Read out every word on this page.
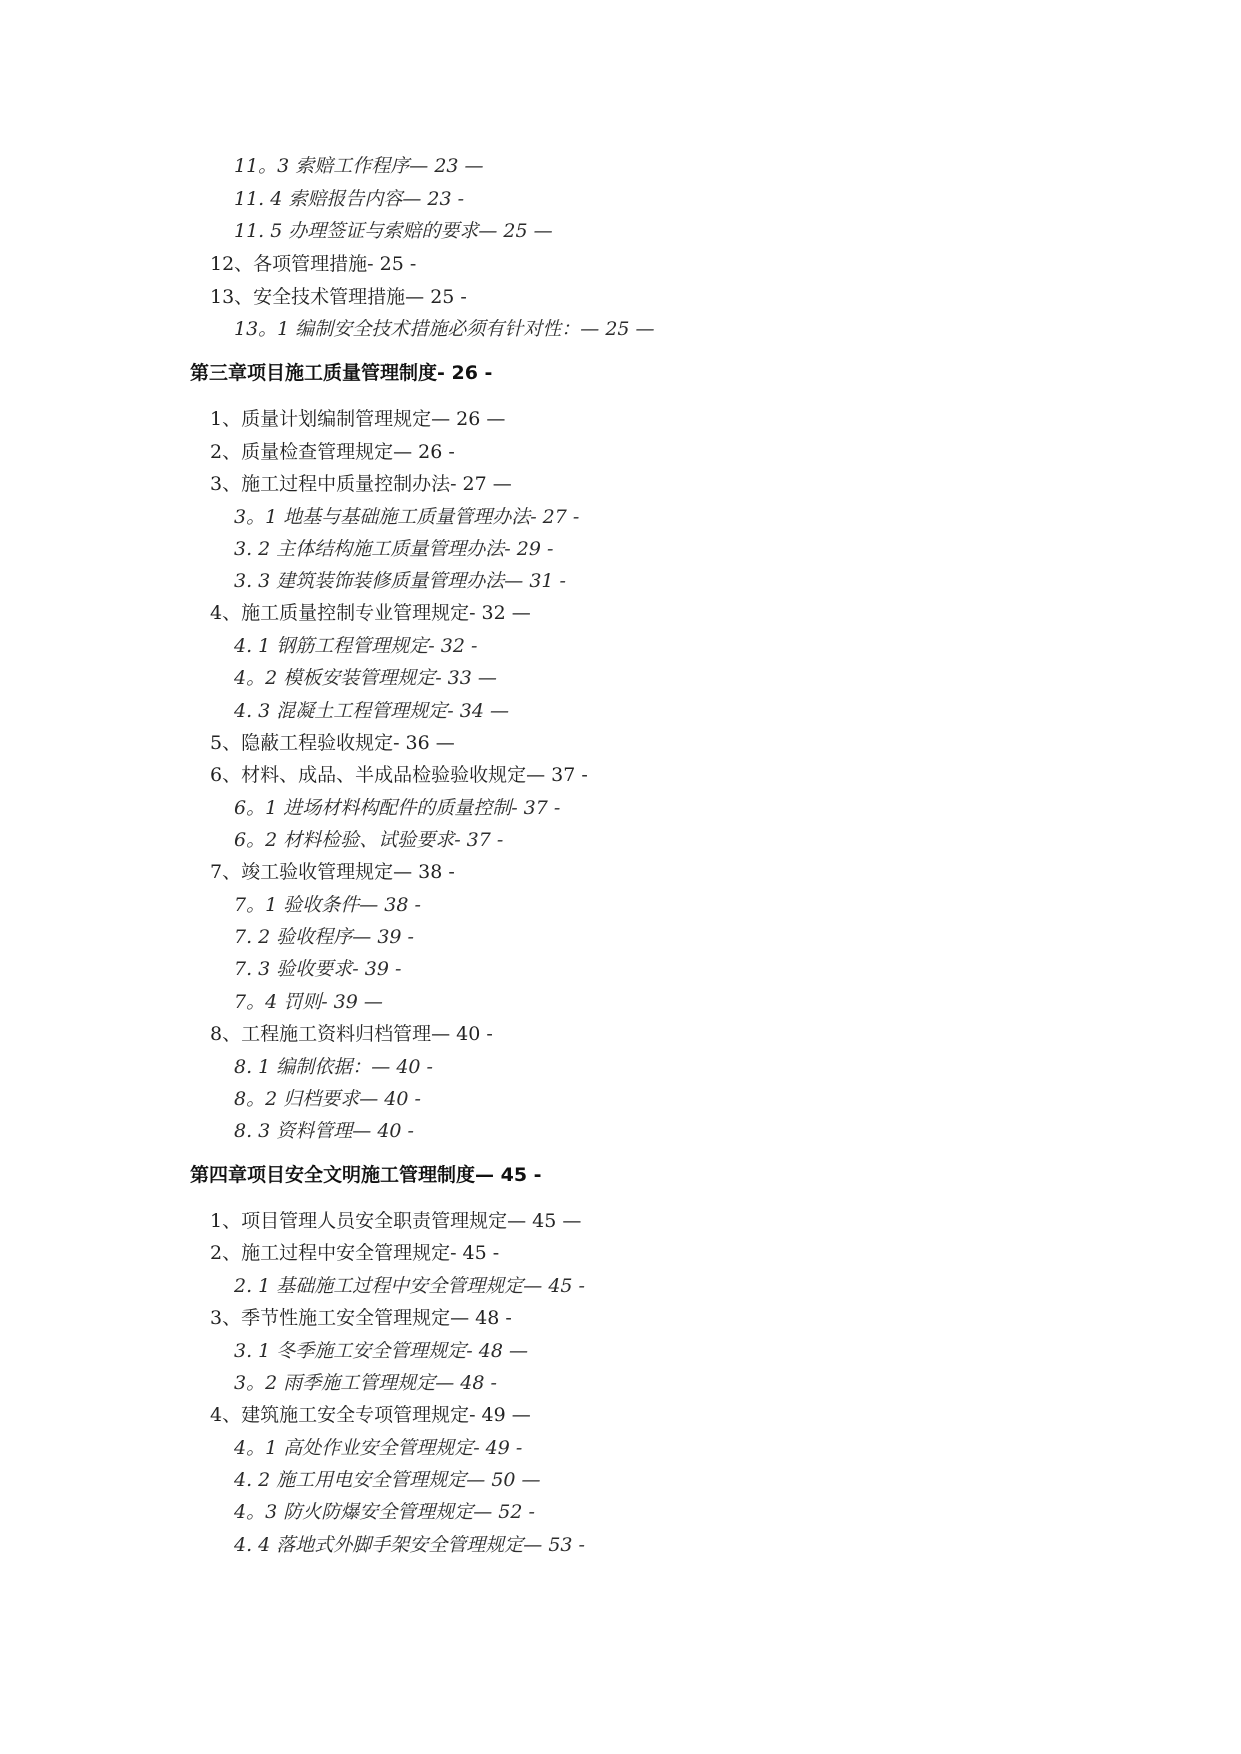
11。3 索赔工作程序— 23 —
11. 4 索赔报告内容— 23 -
11. 5 办理签证与索赔的要求— 25 —
12、各项管理措施- 25 -
13、安全技术管理措施— 25 -
13。1 编制安全技术措施必须有针对性：— 25 —
第三章项目施工质量管理制度- 26 -
1、质量计划编制管理规定— 26 —
2、质量检查管理规定— 26 -
3、施工过程中质量控制办法- 27 —
3。1 地基与基础施工质量管理办法- 27 -
3. 2 主体结构施工质量管理办法- 29 -
3. 3 建筑装饰装修质量管理办法— 31 -
4、施工质量控制专业管理规定- 32 —
4. 1 钢筋工程管理规定- 32 -
4。2 模板安装管理规定- 33 —
4. 3 混凝土工程管理规定- 34 —
5、隐蔽工程验收规定- 36 —
6、材料、成品、半成品检验验收规定— 37 -
6。1 进场材料构配件的质量控制- 37 -
6。2 材料检验、试验要求- 37 -
7、竣工验收管理规定— 38 -
7。1 验收条件— 38 -
7. 2 验收程序— 39 -
7. 3 验收要求- 39 -
7。4 罚则- 39 —
8、工程施工资料归档管理— 40 -
8. 1 编制依据：— 40 -
8。2 归档要求— 40 -
8. 3 资料管理— 40 -
第四章项目安全文明施工管理制度— 45 -
1、项目管理人员安全职责管理规定— 45 —
2、施工过程中安全管理规定- 45 -
2. 1 基础施工过程中安全管理规定— 45 -
3、季节性施工安全管理规定— 48 -
3. 1 冬季施工安全管理规定- 48 —
3。2 雨季施工管理规定— 48 -
4、建筑施工安全专项管理规定- 49 —
4。1 高处作业安全管理规定- 49 -
4. 2 施工用电安全管理规定— 50 —
4。3 防火防爆安全管理规定— 52 -
4. 4 落地式外脚手架安全管理规定— 53 -
